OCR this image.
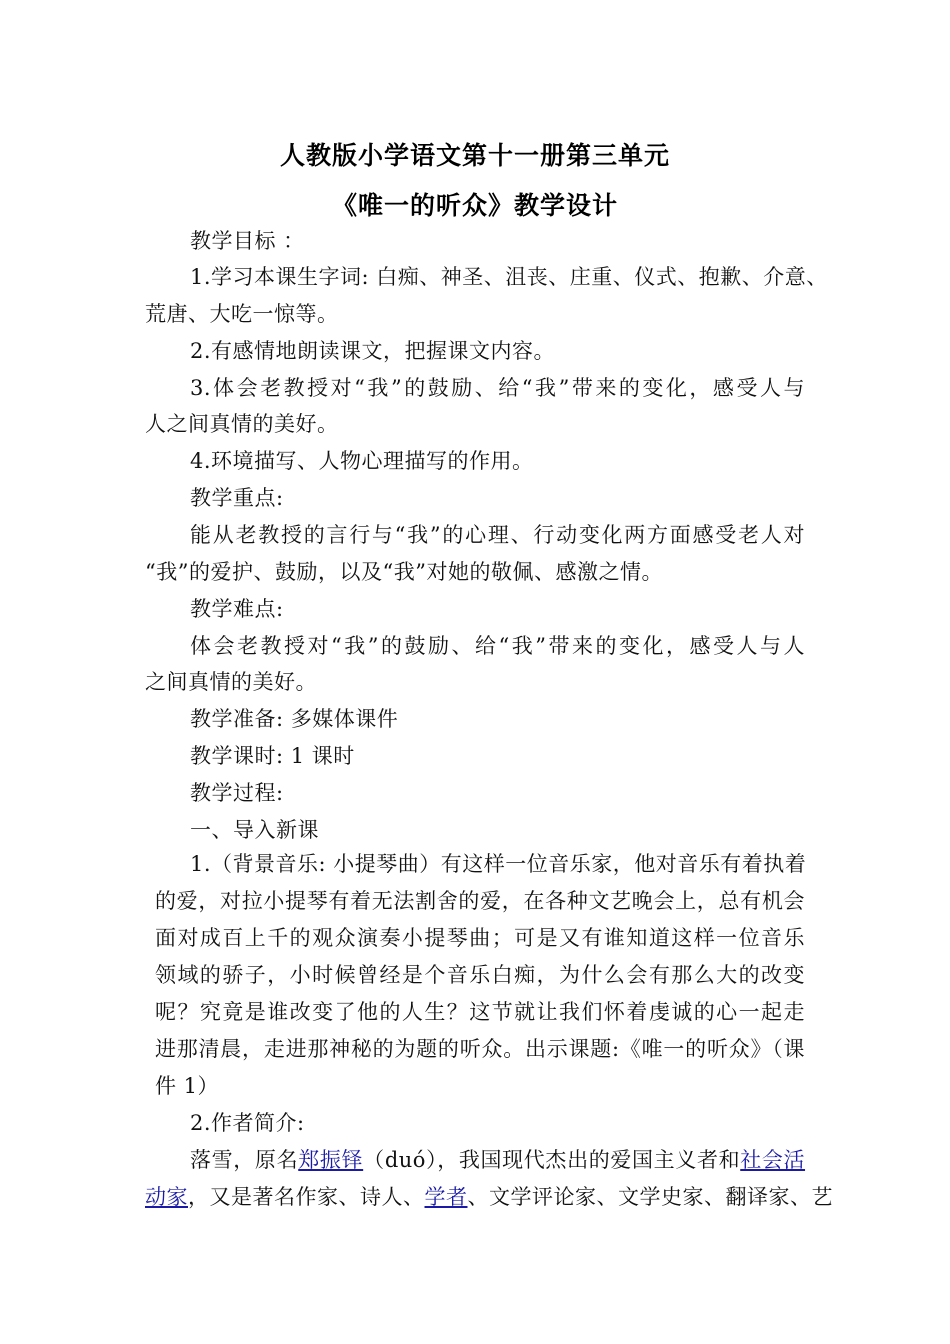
人教版小学语文第十一册第三单元
《唯一的听众》教学设计
教学目标 ：
1.学习本课生字词: 白痴、神圣、沮丧、庄重、仪式、抱歉、介意、
荒唐、大吃一惊等。
2.有感情地朗读课文，把握课文内容。
3.体会老教授对“我”的鼓励、给“我”带来的变化，感受人与
人之间真情的美好。
4.环境描写、人物心理描写的作用。
教学重点:
能从老教授的言行与“我”的心理、行动变化两方面感受老人对
“我”的爱护、鼓励，以及“我”对她的敬佩、感激之情。
教学难点:
体会老教授对“我”的鼓励、给“我”带来的变化，感受人与人
之间真情的美好。
教学准备: 多媒体课件
教学课时: 1 课时
教学过程:
一、导入新课
1.（背景音乐: 小提琴曲）有这样一位音乐家，他对音乐有着执着
的爱，对拉小提琴有着无法割舍的爱，在各种文艺晚会上，总有机会
面对成百上千的观众演奏小提琴曲；可是又有谁知道这样一位音乐
领域的骄子，小时候曾经是个音乐白痴，为什么会有那么大的改变
呢？究竟是谁改变了他的人生？这节就让我们怀着虔诚的心一起走
进那清晨，走进那神秘的为题的听众。出示课题:《唯一的听众》（课
件 1）
2.作者简介:
落雪，原名郑振铎（duó），我国现代杰出的爱国主义者和社会活
动家，又是著名作家、诗人、学者、文学评论家、文学史家、翻译家、艺
